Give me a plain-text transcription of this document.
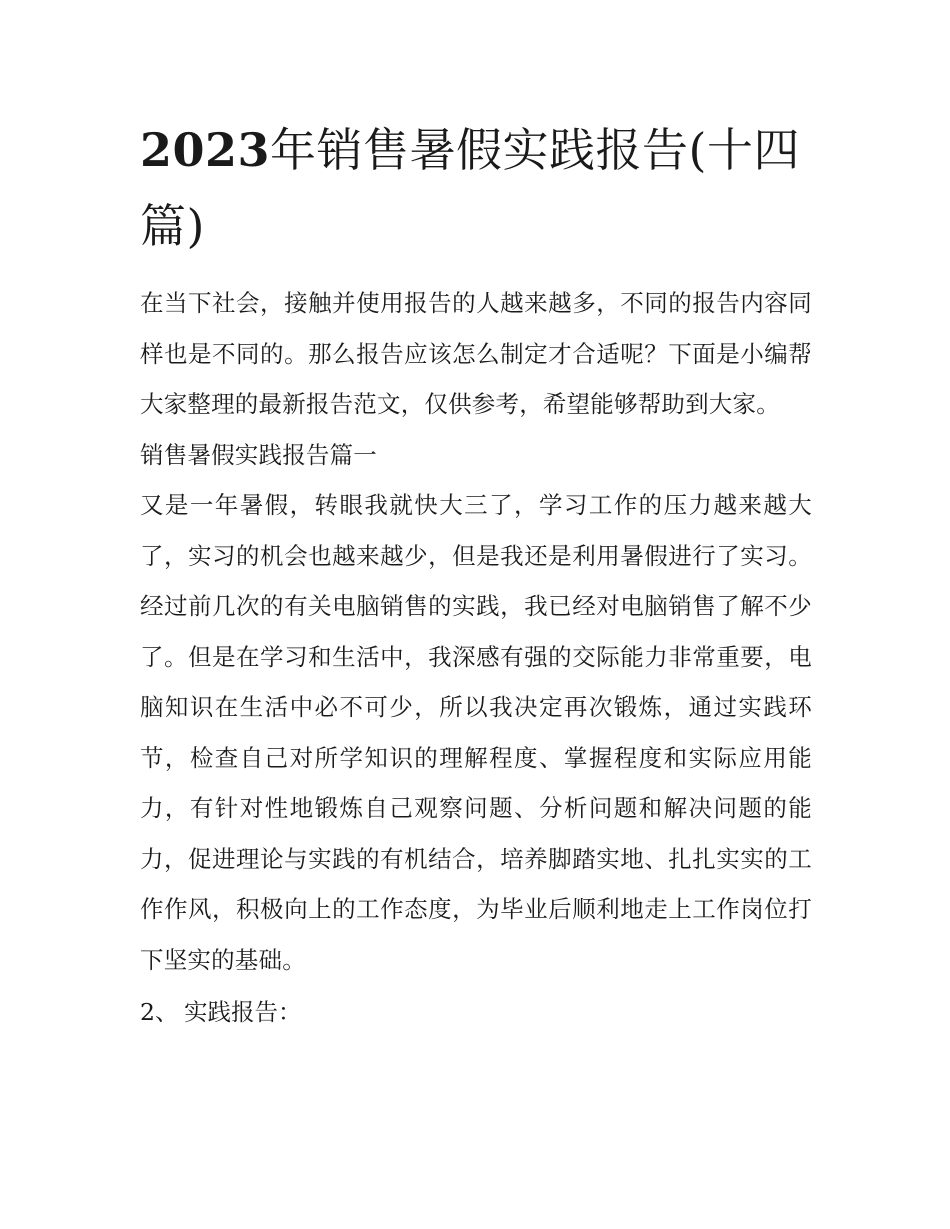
2023年销售暑假实践报告(十四篇)

在当下社会，接触并使用报告的人越来越多，不同的报告内容同样也是不同的。那么报告应该怎么制定才合适呢？下面是小编帮大家整理的最新报告范文，仅供参考，希望能够帮助到大家。

销售暑假实践报告篇一

又是一年暑假，转眼我就快大三了，学习工作的压力越来越大了，实习的机会也越来越少，但是我还是利用暑假进行了实习。经过前几次的有关电脑销售的实践，我已经对电脑销售了解不少了。但是在学习和生活中，我深感有强的交际能力非常重要，电脑知识在生活中必不可少，所以我决定再次锻炼，通过实践环节，检查自己对所学知识的理解程度、掌握程度和实际应用能力，有针对性地锻炼自己观察问题、分析问题和解决问题的能力，促进理论与实践的有机结合，培养脚踏实地、扎扎实实的工作作风，积极向上的工作态度，为毕业后顺利地走上工作岗位打下坚实的基础。

2、 实践报告：
